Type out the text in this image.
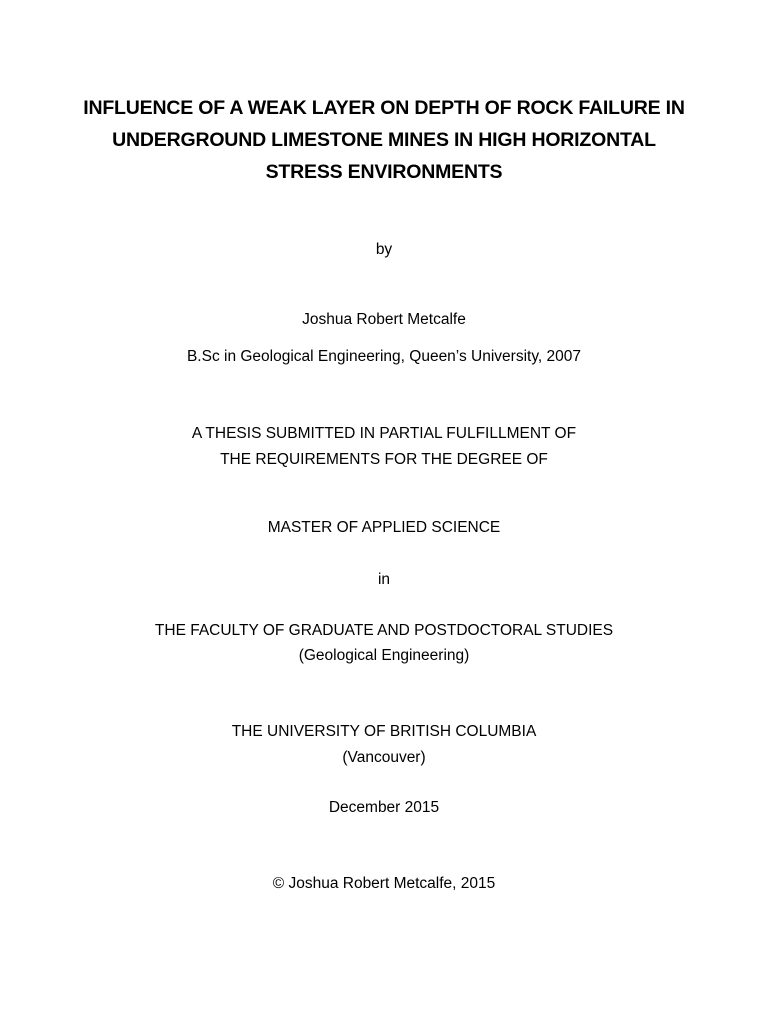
INFLUENCE OF A WEAK LAYER ON DEPTH OF ROCK FAILURE IN
UNDERGROUND LIMESTONE MINES IN HIGH HORIZONTAL
STRESS ENVIRONMENTS
by
Joshua Robert Metcalfe
B.Sc in Geological Engineering, Queen’s University, 2007
A THESIS SUBMITTED IN PARTIAL FULFILLMENT OF
THE REQUIREMENTS FOR THE DEGREE OF
MASTER OF APPLIED SCIENCE
in
THE FACULTY OF GRADUATE AND POSTDOCTORAL STUDIES
(Geological Engineering)
THE UNIVERSITY OF BRITISH COLUMBIA
(Vancouver)
December 2015
© Joshua Robert Metcalfe, 2015
